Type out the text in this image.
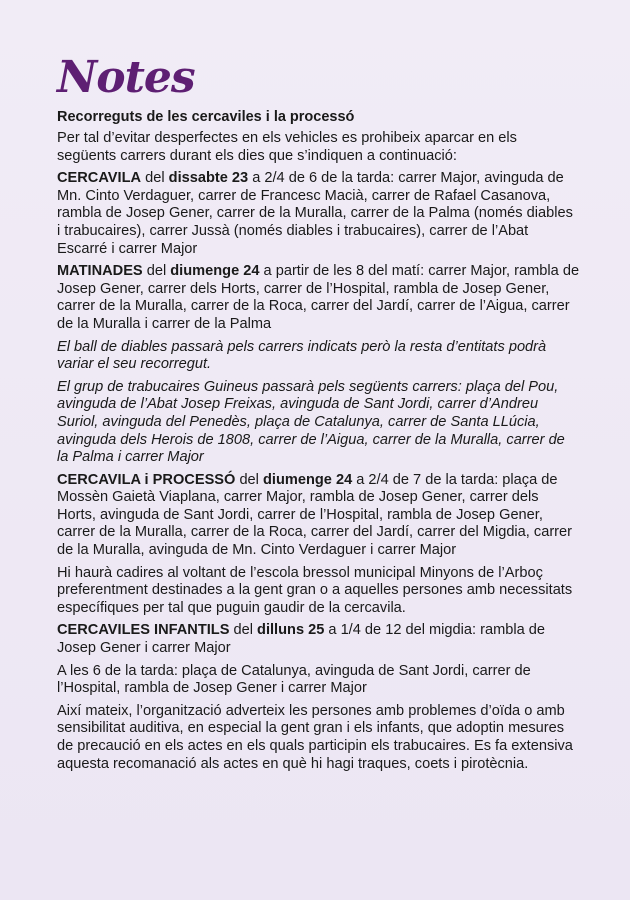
Notes
Recorreguts de les cercaviles i la processó

Per tal d’evitar desperfectes en els vehicles es prohibeix aparcar en els següents carrers durant els dies que s’indiquen a continuació:

CERCAVILA del dissabte 23 a 2/4 de 6 de la tarda: carrer Major, avinguda de Mn. Cinto Verdaguer, carrer de Francesc Macià, carrer de Rafael Casanova, rambla de Josep Gener, carrer de la Muralla, carrer de la Palma (només diables i trabucaires), carrer Jussà (només diables i trabucaires), carrer de l’Abat Escarré i carrer Major

MATINADES del diumenge 24 a partir de les 8 del matí: carrer Major, rambla de Josep Gener, carrer dels Horts, carrer de l’Hospital, rambla de Josep Gener, carrer de la Muralla, carrer de la Roca, carrer del Jardí, carrer de l’Aigua, carrer de la Muralla i carrer de la Palma

El ball de diables passarà pels carrers indicats però la resta d’entitats podrà variar el seu recorregut.

El grup de trabucaires Guineus passarà pels següents carrers: plaça del Pou, avinguda de l’Abat Josep Freixas, avinguda de Sant Jordi, carrer d’Andreu Suriol, avinguda del Penedès, plaça de Catalunya, carrer de Santa LLúcia, avinguda dels Herois de 1808, carrer de l’Aigua, carrer de la Muralla, carrer de la Palma i carrer Major

CERCAVILA i PROCESSÓ del diumenge 24 a 2/4 de 7 de la tarda: plaça de Mossèn Gaietà Viaplana, carrer Major, rambla de Josep Gener, carrer dels Horts, avinguda de Sant Jordi, carrer de l’Hospital, rambla de Josep Gener, carrer de la Muralla, carrer de la Roca, carrer del Jardí, carrer del Migdia, carrer de la Muralla, avinguda de Mn. Cinto Verdaguer i carrer Major

Hi haurà cadires al voltant de l’escola bressol municipal Minyons de l’Arboç preferentment destinades a la gent gran o a aquelles persones amb necessitats específiques per tal que puguin gaudir de la cercavila.

CERCAVILES INFANTILS del dilluns 25 a 1/4 de 12 del migdia: rambla de Josep Gener i carrer Major

A les 6 de la tarda: plaça de Catalunya, avinguda de Sant Jordi, carrer de l’Hospital, rambla de Josep Gener i carrer Major

Així mateix, l’organització adverteix les persones amb problemes d’oïda o amb sensibilitat auditiva, en especial la gent gran i els infants, que adoptin mesures de precaució en els actes en els quals participin els trabucaires. Es fa extensiva aquesta recomanació als actes en què hi hagi traques, coets i pirotècnia.
